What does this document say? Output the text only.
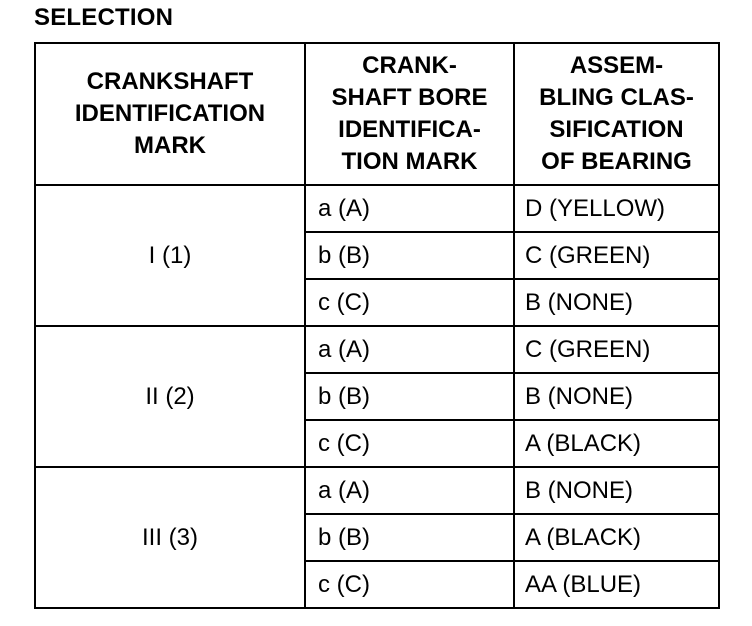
SELECTION
CRANKSHAFT
IDENTIFICATION
MARK	CRANK-
SHAFT BORE
IDENTIFICA-
TION MARK	ASSEM-
BLING CLAS-
SIFICATION
OF BEARING

I (1)	a (A)	D (YELLOW)
	b (B)	C (GREEN)
	c (C)	B (NONE)
II (2)	a (A)	C (GREEN)
	b (B)	B (NONE)
	c (C)	A (BLACK)
III (3)	a (A)	B (NONE)
	b (B)	A (BLACK)
	c (C)	AA (BLUE)
